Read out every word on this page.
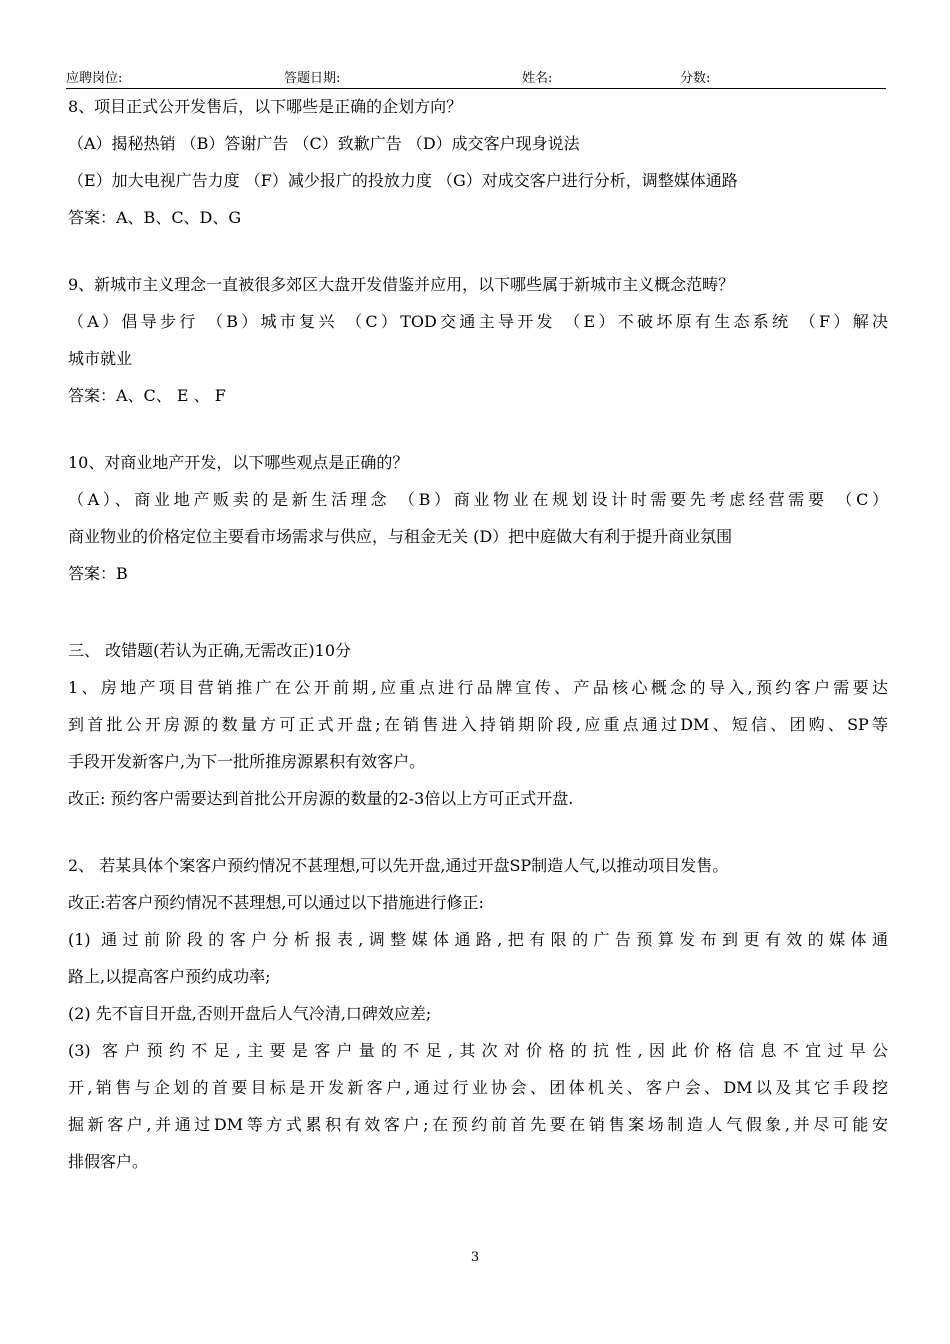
应聘岗位:	答题日期:	姓名:	分数:
8、项目正式公开发售后，以下哪些是正确的企划方向？
（A）揭秘热销 （B）答谢广告 （C）致歉广告 （D）成交客户现身说法
（E）加大电视广告力度 （F）减少报广的投放力度 （G）对成交客户进行分析，调整媒体通路
答案：A、B、C、D、G
9、新城市主义理念一直被很多郊区大盘开发借鉴并应用，以下哪些属于新城市主义概念范畴？
（A）倡导步行 （B）城市复兴 （C）TOD交通主导开发 （E）不破坏原有生态系统 （F）解决
城市就业
答案：A、C、 E 、 F
10、对商业地产开发，以下哪些观点是正确的？
（A）、商业地产贩卖的是新生活理念 （B）商业物业在规划设计时需要先考虑经营需要 （C）
商业物业的价格定位主要看市场需求与供应，与租金无关 (D）把中庭做大有利于提升商业氛围
答案：B
三、 改错题(若认为正确,无需改正)10分
1、房地产项目营销推广在公开前期,应重点进行品牌宣传、产品核心概念的导入,预约客户需要达
到首批公开房源的数量方可正式开盘;在销售进入持销期阶段,应重点通过DM、短信、团购、SP等
手段开发新客户,为下一批所推房源累积有效客户。
改正: 预约客户需要达到首批公开房源的数量的2-3倍以上方可正式开盘.
2、 若某具体个案客户预约情况不甚理想,可以先开盘,通过开盘SP制造人气,以推动项目发售。
改正:若客户预约情况不甚理想,可以通过以下措施进行修正:
(1) 通过前阶段的客户分析报表,调整媒体通路,把有限的广告预算发布到更有效的媒体通
路上,以提高客户预约成功率;
(2) 先不盲目开盘,否则开盘后人气冷清,口碑效应差;
(3) 客户预约不足,主要是客户量的不足,其次对价格的抗性,因此价格信息不宜过早公
开,销售与企划的首要目标是开发新客户,通过行业协会、团体机关、客户会、DM以及其它手段挖
掘新客户,并通过DM等方式累积有效客户;在预约前首先要在销售案场制造人气假象,并尽可能安
排假客户。
3
